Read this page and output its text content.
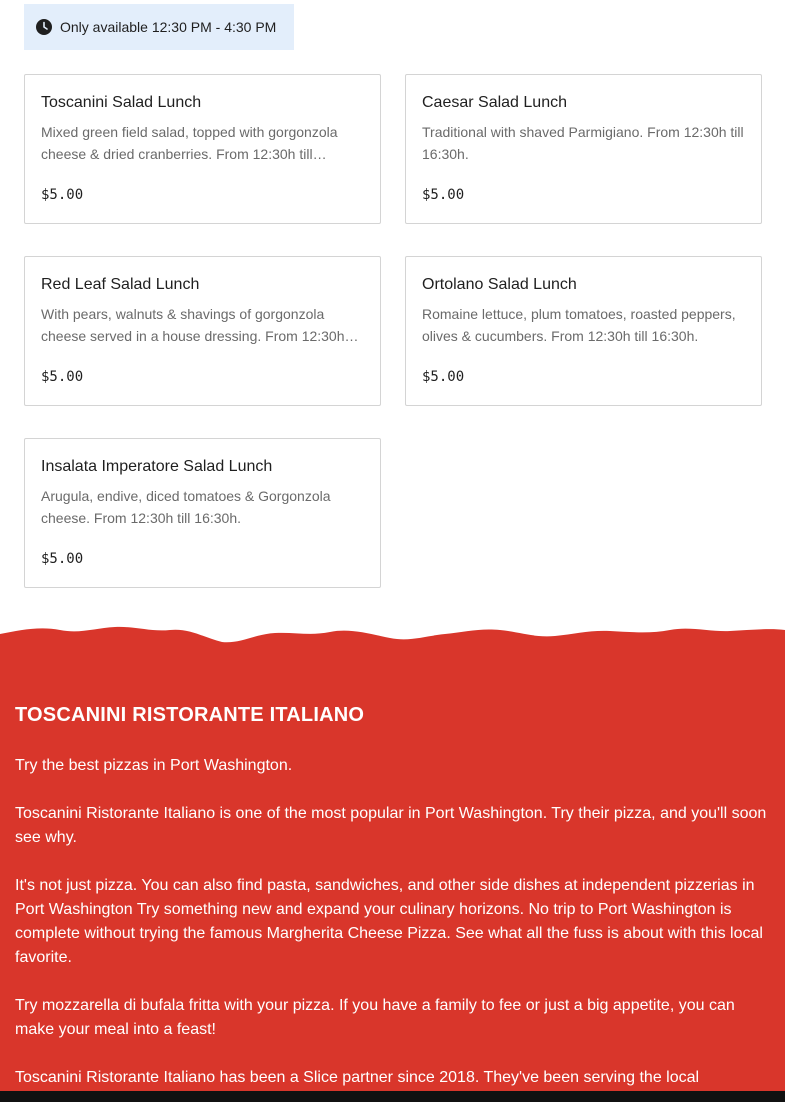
Only available 12:30 PM - 4:30 PM
Toscanini Salad Lunch
Mixed green field salad, topped with gorgonzola cheese & dried cranberries. From 12:30h till…
$5.00
Caesar Salad Lunch
Traditional with shaved Parmigiano. From 12:30h till 16:30h.
$5.00
Red Leaf Salad Lunch
With pears, walnuts & shavings of gorgonzola cheese served in a house dressing. From 12:30h…
$5.00
Ortolano Salad Lunch
Romaine lettuce, plum tomatoes, roasted peppers, olives & cucumbers. From 12:30h till 16:30h.
$5.00
Insalata Imperatore Salad Lunch
Arugula, endive, diced tomatoes & Gorgonzola cheese. From 12:30h till 16:30h.
$5.00
TOSCANINI RISTORANTE ITALIANO

Try the best pizzas in Port Washington.

Toscanini Ristorante Italiano is one of the most popular in Port Washington. Try their pizza, and you'll soon see why.

It's not just pizza. You can also find pasta, sandwiches, and other side dishes at independent pizzerias in Port Washington Try something new and expand your culinary horizons. No trip to Port Washington is complete without trying the famous Margherita Cheese Pizza. See what all the fuss is about with this local favorite.

Try mozzarella di bufala fritta with your pizza. If you have a family to fee or just a big appetite, you can make your meal into a feast!

Toscanini Ristorante Italiano has been a Slice partner since 2018. They've been serving the local
